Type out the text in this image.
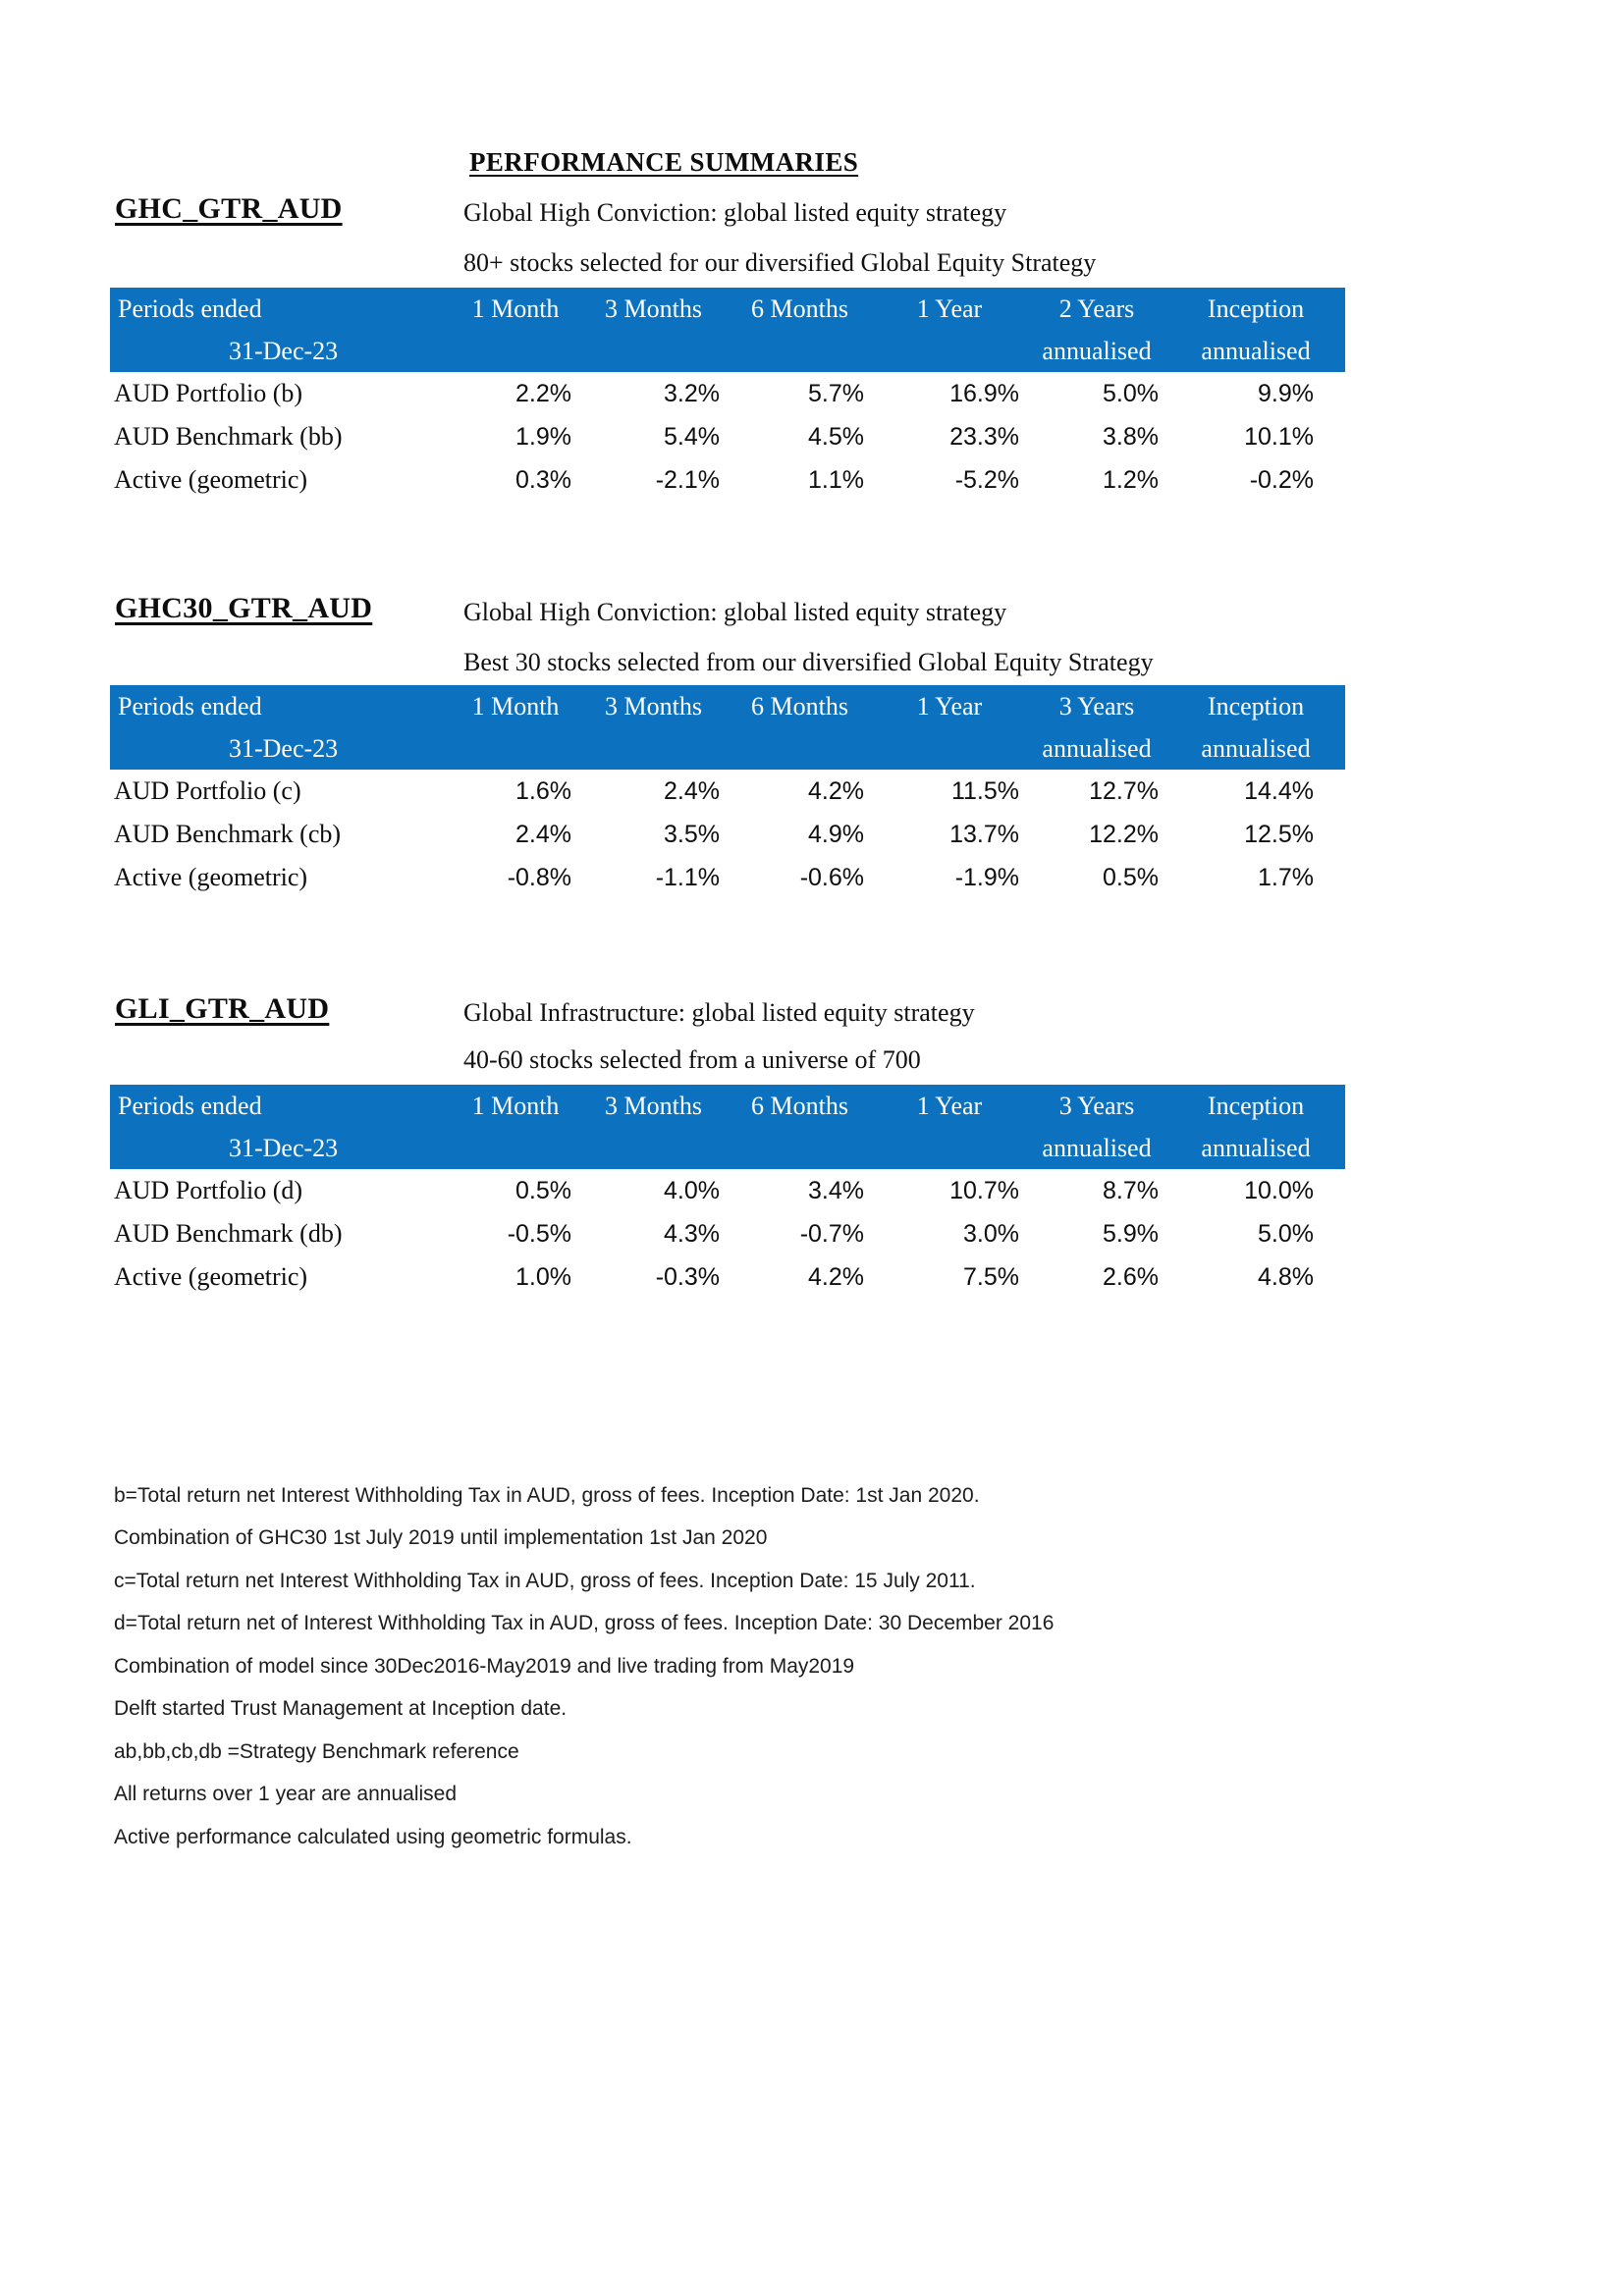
PERFORMANCE SUMMARIES
GHC_GTR_AUD	Global High Conviction: global listed equity strategy
80+ stocks selected for our diversified Global Equity Strategy
Periods ended	1 Month	3 Months	6 Months	1 Year	2 Years	Inception
31-Dec-23					annualised	annualised
AUD Portfolio (b)	2.2%	3.2%	5.7%	16.9%	5.0%	9.9%
AUD Benchmark (bb)	1.9%	5.4%	4.5%	23.3%	3.8%	10.1%
Active (geometric)	0.3%	-2.1%	1.1%	-5.2%	1.2%	-0.2%
GHC30_GTR_AUD	Global High Conviction: global listed equity strategy
Best 30 stocks selected from our diversified Global Equity Strategy
Periods ended	1 Month	3 Months	6 Months	1 Year	3 Years	Inception
31-Dec-23					annualised	annualised
AUD Portfolio (c)	1.6%	2.4%	4.2%	11.5%	12.7%	14.4%
AUD Benchmark (cb)	2.4%	3.5%	4.9%	13.7%	12.2%	12.5%
Active (geometric)	-0.8%	-1.1%	-0.6%	-1.9%	0.5%	1.7%
GLI_GTR_AUD	Global Infrastructure: global listed equity strategy
40-60 stocks selected from a universe of 700
Periods ended	1 Month	3 Months	6 Months	1 Year	3 Years	Inception
31-Dec-23					annualised	annualised
AUD Portfolio (d)	0.5%	4.0%	3.4%	10.7%	8.7%	10.0%
AUD Benchmark (db)	-0.5%	4.3%	-0.7%	3.0%	5.9%	5.0%
Active (geometric)	1.0%	-0.3%	4.2%	7.5%	2.6%	4.8%
b=Total return net Interest Withholding Tax in AUD, gross of fees. Inception Date: 1st Jan 2020.
Combination of GHC30 1st July 2019 until implementation 1st Jan 2020
c=Total return net Interest Withholding Tax in AUD, gross of fees. Inception Date: 15 July 2011.
d=Total return net of Interest Withholding Tax in AUD, gross of fees. Inception Date: 30 December 2016
Combination of model since 30Dec2016-May2019 and live trading from May2019
Delft started Trust Management at Inception date.
ab,bb,cb,db =Strategy Benchmark reference
All returns over 1 year are annualised
Active performance calculated using geometric formulas.
